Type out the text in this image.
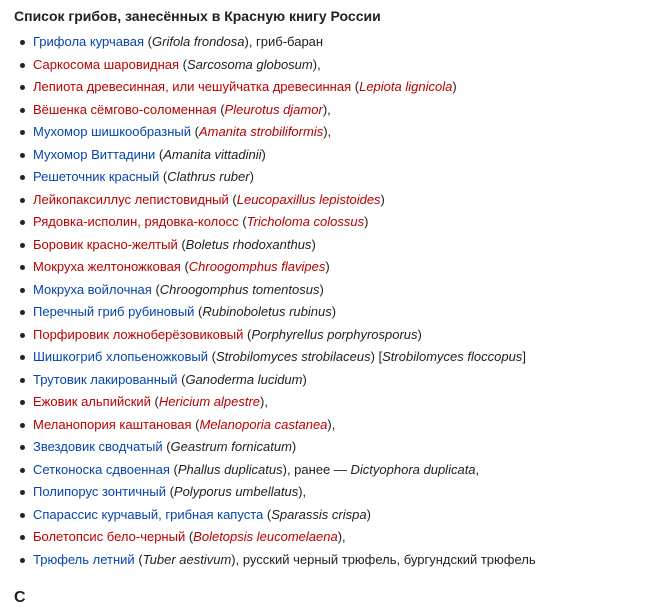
Список грибов, занесённых в Красную книгу России
Грифола курчавая (Grifola frondosa), гриб-баран
Саркосома шаровидная (Sarcosoma globosum),
Лепиота древесинная, или чешуйчатка древесинная (Lepiota lignicola)
Вёшенка сёмгово-соломенная (Pleurotus djamor),
Мухомор шишкообразный (Amanita strobiliformis),
Мухомор Виттадини (Amanita vittadinii)
Решеточник красный (Clathrus ruber)
Лейкопаксиллус лепистовидный (Leucopaxillus lepistoides)
Рядовка-исполин, рядовка-колосс (Tricholoma colossus)
Боровик красно-желтый (Boletus rhodoxanthus)
Мокруха желтоножковая (Chroogomphus flavipes)
Мокруха войлочная (Chroogomphus tomentosus)
Перечный гриб рубиновый (Rubinoboletus rubinus)
Порфировик ложноберёзовиковый (Porphyrellus porphyrosporus)
Шишкогриб хлопьеножковый (Strobilomyces strobilaceus) [Strobilomyces floccopus]
Трутовик лакированный (Ganoderma lucidum)
Ежовик альпийский (Hericium alpestre),
Меланопория каштановая (Melanoporia castanea),
Звездовик сводчатый (Geastrum fornicatum)
Сетконоска сдвоенная (Phallus duplicatus), ранее — Dictyophora duplicata,
Полипорус зонтичный (Polyporus umbellatus),
Спарассис курчавый, грибная капуста (Sparassis crispa)
Болетопсис бело-черный (Boletopsis leucomelaena),
Трюфель летний (Tuber aestivum), русский черный трюфель, бургундский трюфель
С
